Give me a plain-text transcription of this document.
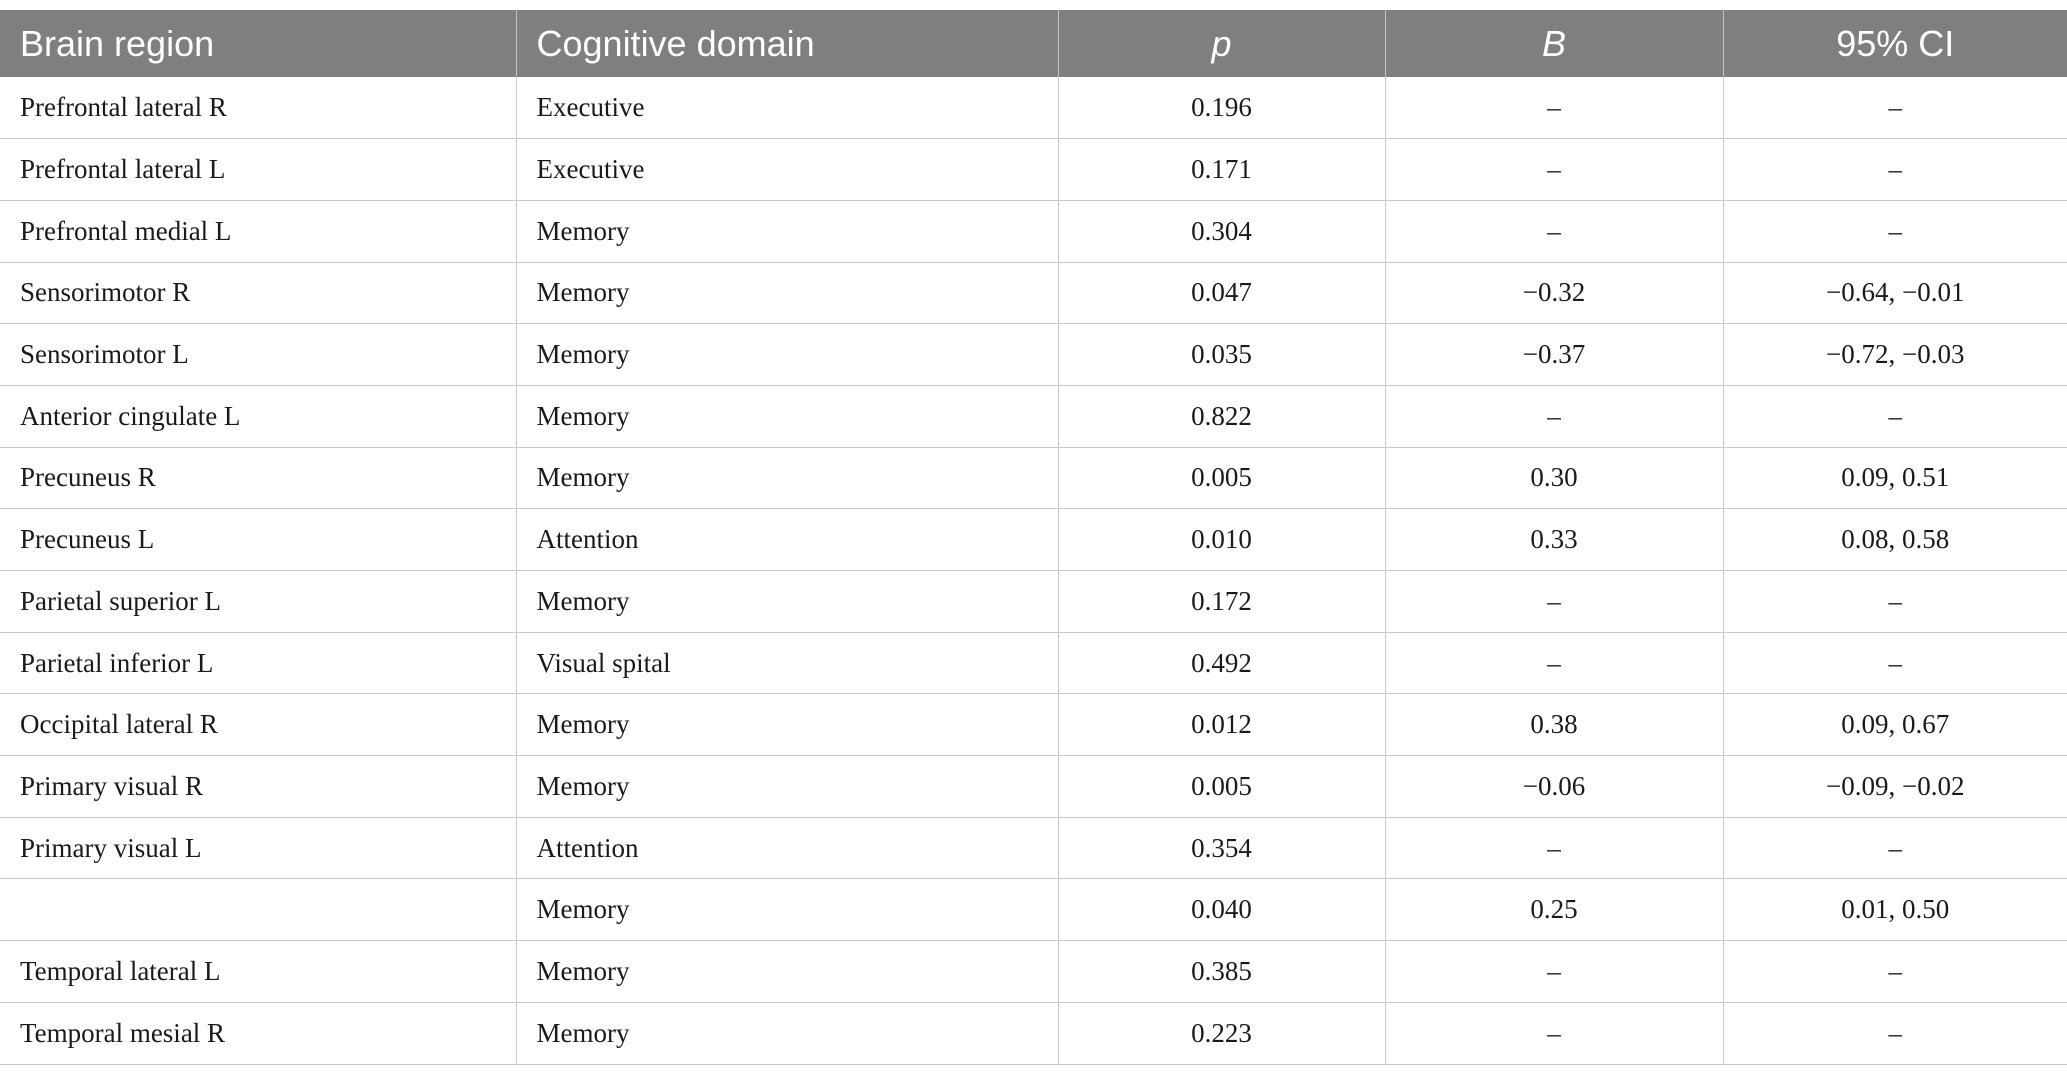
Brain region	Cognitive domain	p	B	95% CI
Prefrontal lateral R	Executive	0.196	–	–
Prefrontal lateral L	Executive	0.171	–	–
Prefrontal medial L	Memory	0.304	–	–
Sensorimotor R	Memory	0.047	−0.32	−0.64, −0.01
Sensorimotor L	Memory	0.035	−0.37	−0.72, −0.03
Anterior cingulate L	Memory	0.822	–	–
Precuneus R	Memory	0.005	0.30	0.09, 0.51
Precuneus L	Attention	0.010	0.33	0.08, 0.58
Parietal superior L	Memory	0.172	–	–
Parietal inferior L	Visual spital	0.492	–	–
Occipital lateral R	Memory	0.012	0.38	0.09, 0.67
Primary visual R	Memory	0.005	−0.06	−0.09, −0.02
Primary visual L	Attention	0.354	–	–
	Memory	0.040	0.25	0.01, 0.50
Temporal lateral L	Memory	0.385	–	–
Temporal mesial R	Memory	0.223	–	–
